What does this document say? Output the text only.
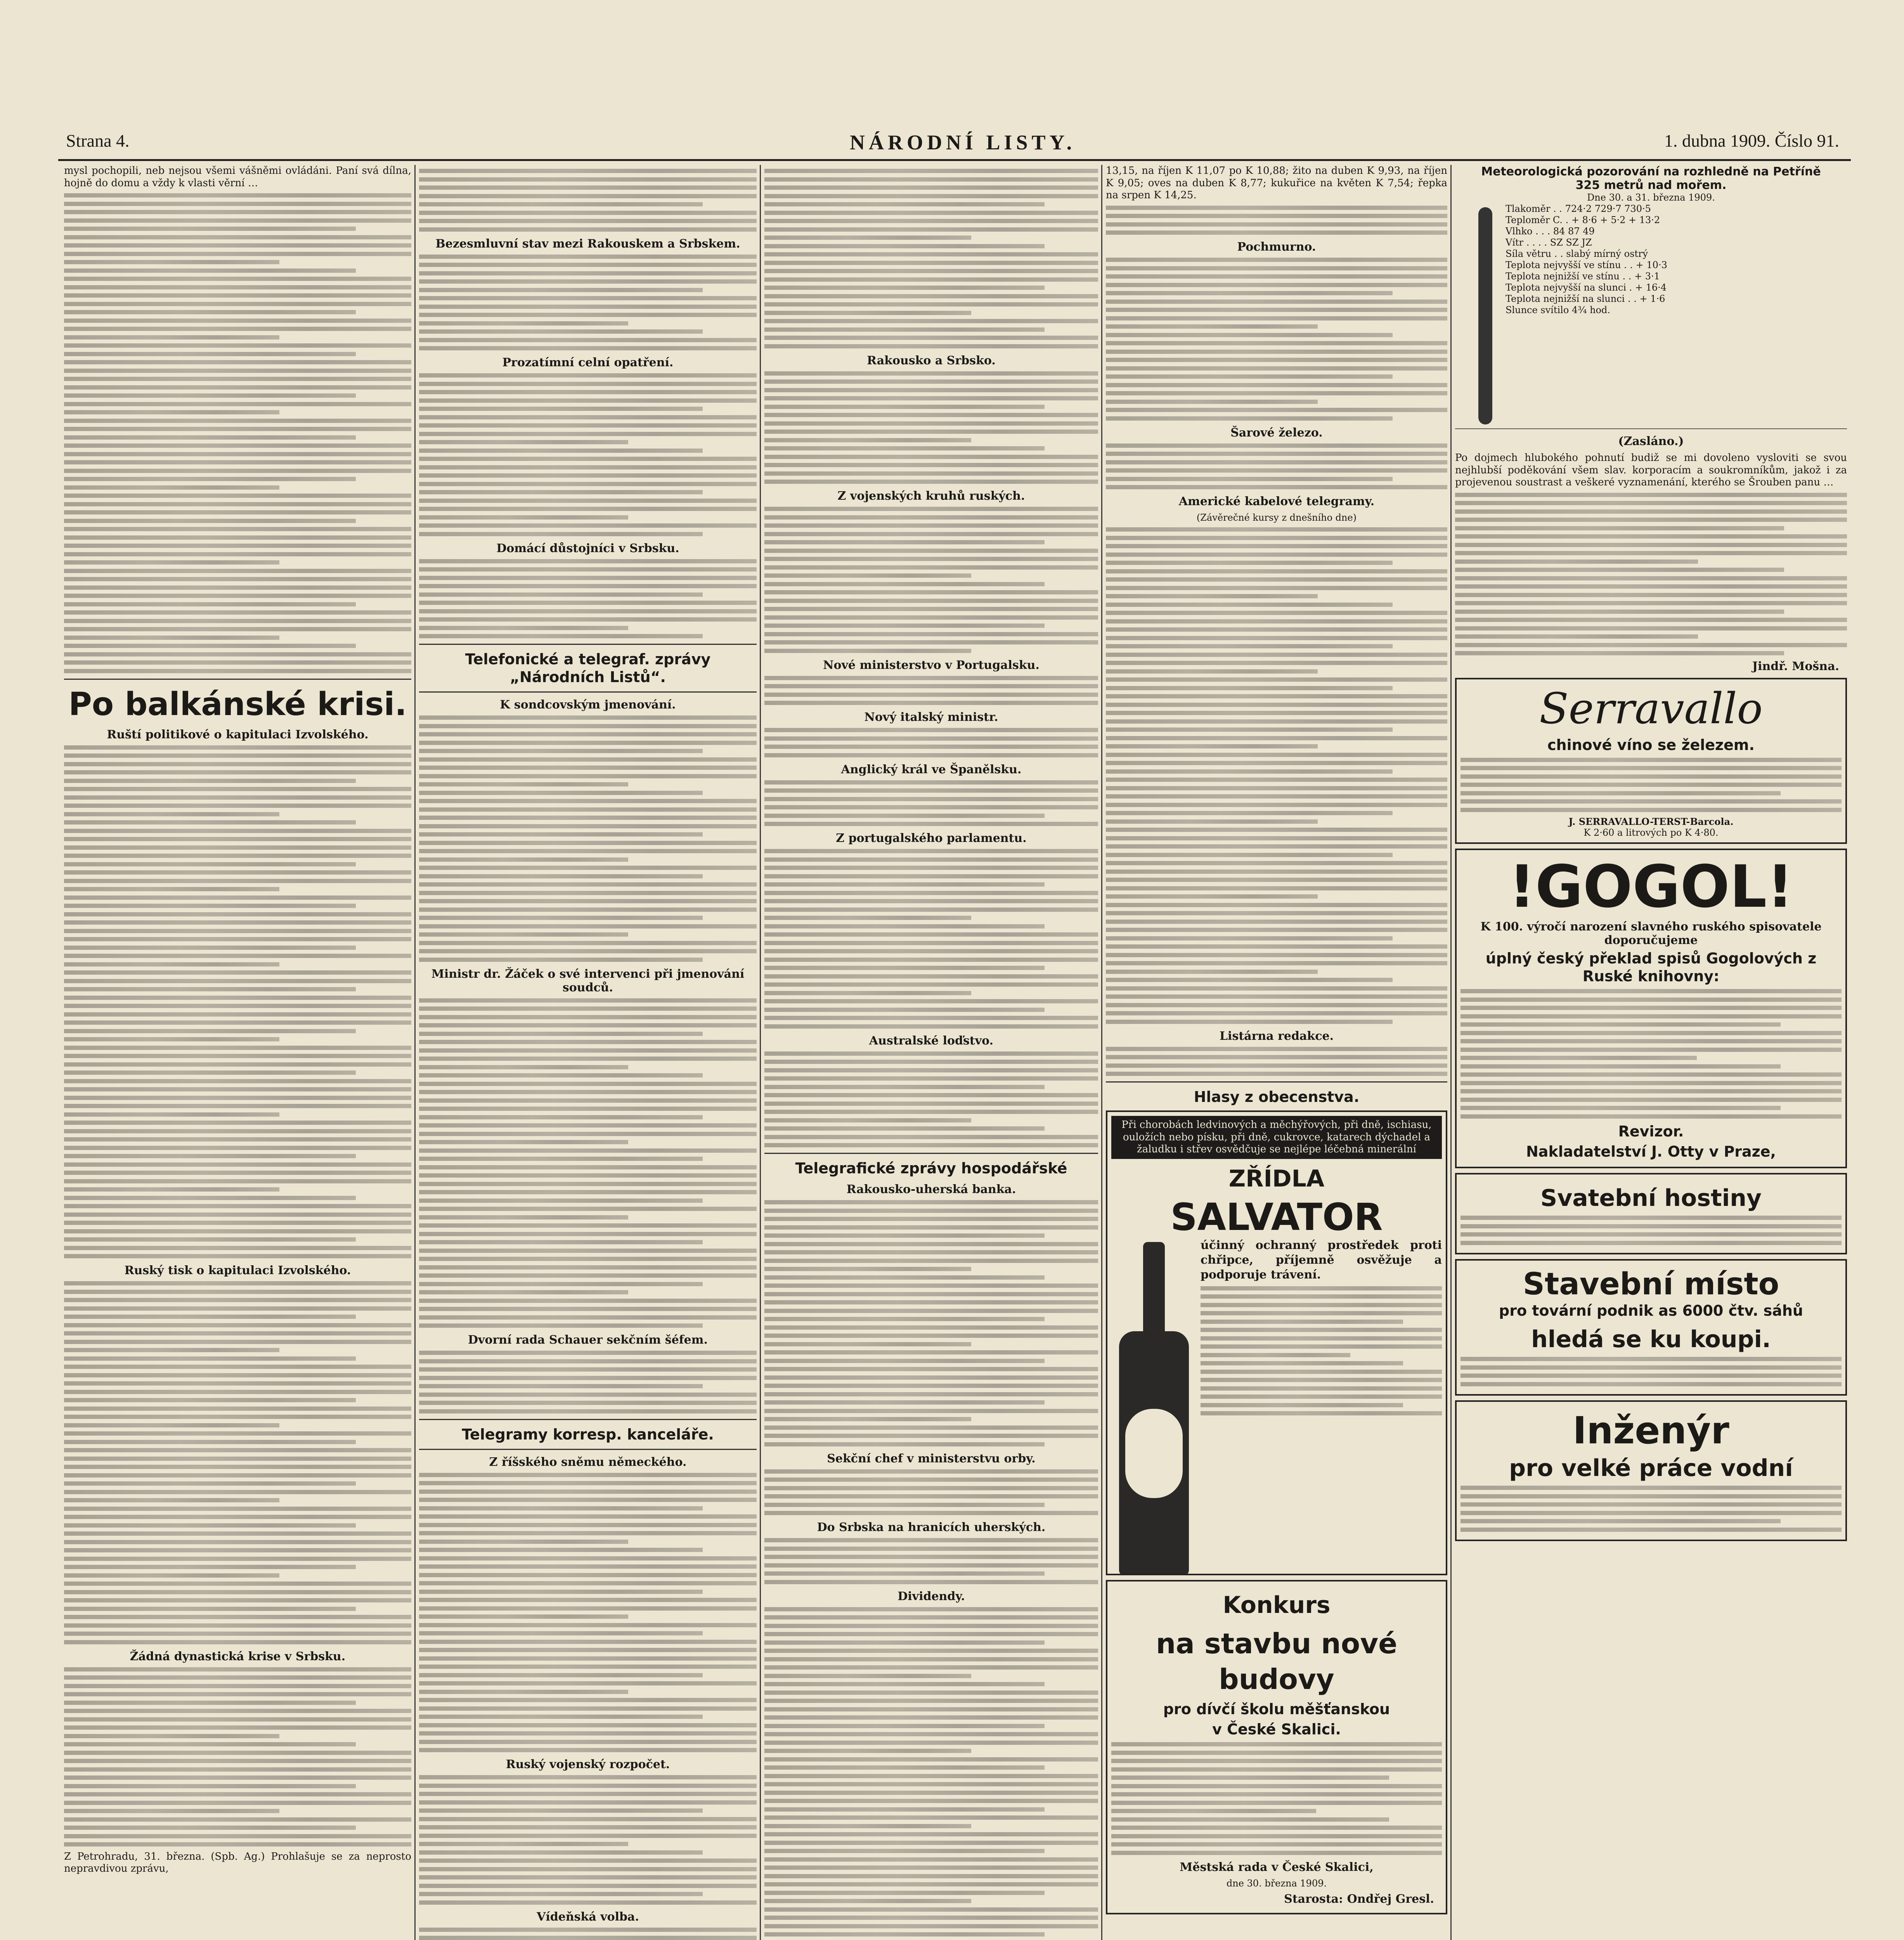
Strana 4.	NÁRODNÍ LISTY.	1. dubna 1909. Číslo 91.

mysl pochopili, neb nejsou všemi vášněmi ovládáni. Paní svá dílna, hojně do domu a vždy k vlasti věrní …

Po balkánské krisi.
Ruští politikové o kapitulaci Izvolského.
Ruský tisk o kapitulaci Izvolského.
Žádná dynastická krise v Srbsku.

Z Petrohradu, 31. března. (Spb. Ag.) Prohlašuje se za neprosto nepravdivou zprávu,

Bezesmluvní stav mezi Rakouskem a Srbskem.
Prozatímní celní opatření.
Domácí důstojníci v Srbsku.
Telefonické a telegraf. zprávy „Národních Listů“.
K sondcovským jmenování.
Ministr dr. Žáček o své intervenci při jmenování soudců.
Dvorní rada Schauer sekčním šéfem.
Telegramy korresp. kanceláře.
Z říšského sněmu německého.
Ruský vojenský rozpočet.
Vídeňská volba.
Rakousko a Srbsko.
Z vojenských kruhů ruských.
Nové ministerstvo v Portugalsku.
Nový italský ministr.
Anglický král ve Španělsku.
Z portugalského parlamentu.
Australské loďstvo.
Telegrafické zprávy hospodářské
Rakousko-uherská banka.
Sekční chef v ministerstvu orby.
Do Srbska na hranicích uherských.
Dividendy.

13,15, na říjen K 11,07 po K 10,88; žito na duben K 9,93, na říjen K 9,05; oves na duben K 8,77; kukuřice na květen K 7,54; řepka na srpen K 14,25.

Pochmurno.
Šarové železo.
Americké kabelové telegramy.
(Závěrečné kursy z dnešního dne)
Listárna redakce.
Hlasy z obecenstva.
Při chorobách ledvinových a měchýřových, při dně, ischiasu, ouložích nebo písku, při dně, cukrovce, katarech dýchadel a žaludku i střev osvědčuje se nejlépe léčebná minerální
ZŘÍDLA
SALVATOR

účinný ochranný prostředek proti chřipce, příjemně osvěžuje a podporuje trávení.

Konkurs
na stavbu nové budovy
pro dívčí školu měšťanskou
v České Skalici.
Městská rada v České Skalici,
dne 30. března 1909.
Starosta: Ondřej Gresl.
Meteorologická pozorování na rozhledně na Petříně
325 metrů nad mořem.
Dne 30. a 31. března 1909.
Tlakoměr . . 724·2 729·7 730·5
Teploměr C. . + 8·6 + 5·2 + 13·2
Vlhko . . . 84 87 49
Vítr . . . . SZ SZ JZ
Síla větru . . slabý mírný ostrý
Teplota nejvyšší ve stínu . . + 10·3
Teplota nejnižší ve stínu . . + 3·1
Teplota nejvyšší na slunci . + 16·4
Teplota nejnižší na slunci . . + 1·6
Slunce svítilo 4¾ hod.
(Zasláno.)

Po dojmech hlubokého pohnutí budiž se mi dovoleno vysloviti se svou nejhlubší poděkování všem slav. korporacím a soukromníkům, jakož i za projevenou soustrast a veškeré vyznamenání, kterého se Šrouben panu …

Jindř. Mošna.
Serravallo
chinové víno se železem.
J. SERRAVALLO-TERST-Barcola.
K 2·60 a litrových po K 4·80.
!GOGOL!
K 100. výročí narození slavného ruského spisovatele doporučujeme
úplný český překlad spisů Gogolových z Ruské knihovny:
Revizor.
Nakladatelství J. Otty v Praze,
Svatební hostiny
Stavební místo
pro tovární podnik as 6000 čtv. sáhů
hledá se ku koupi.
Inženýr
pro velké práce vodní
